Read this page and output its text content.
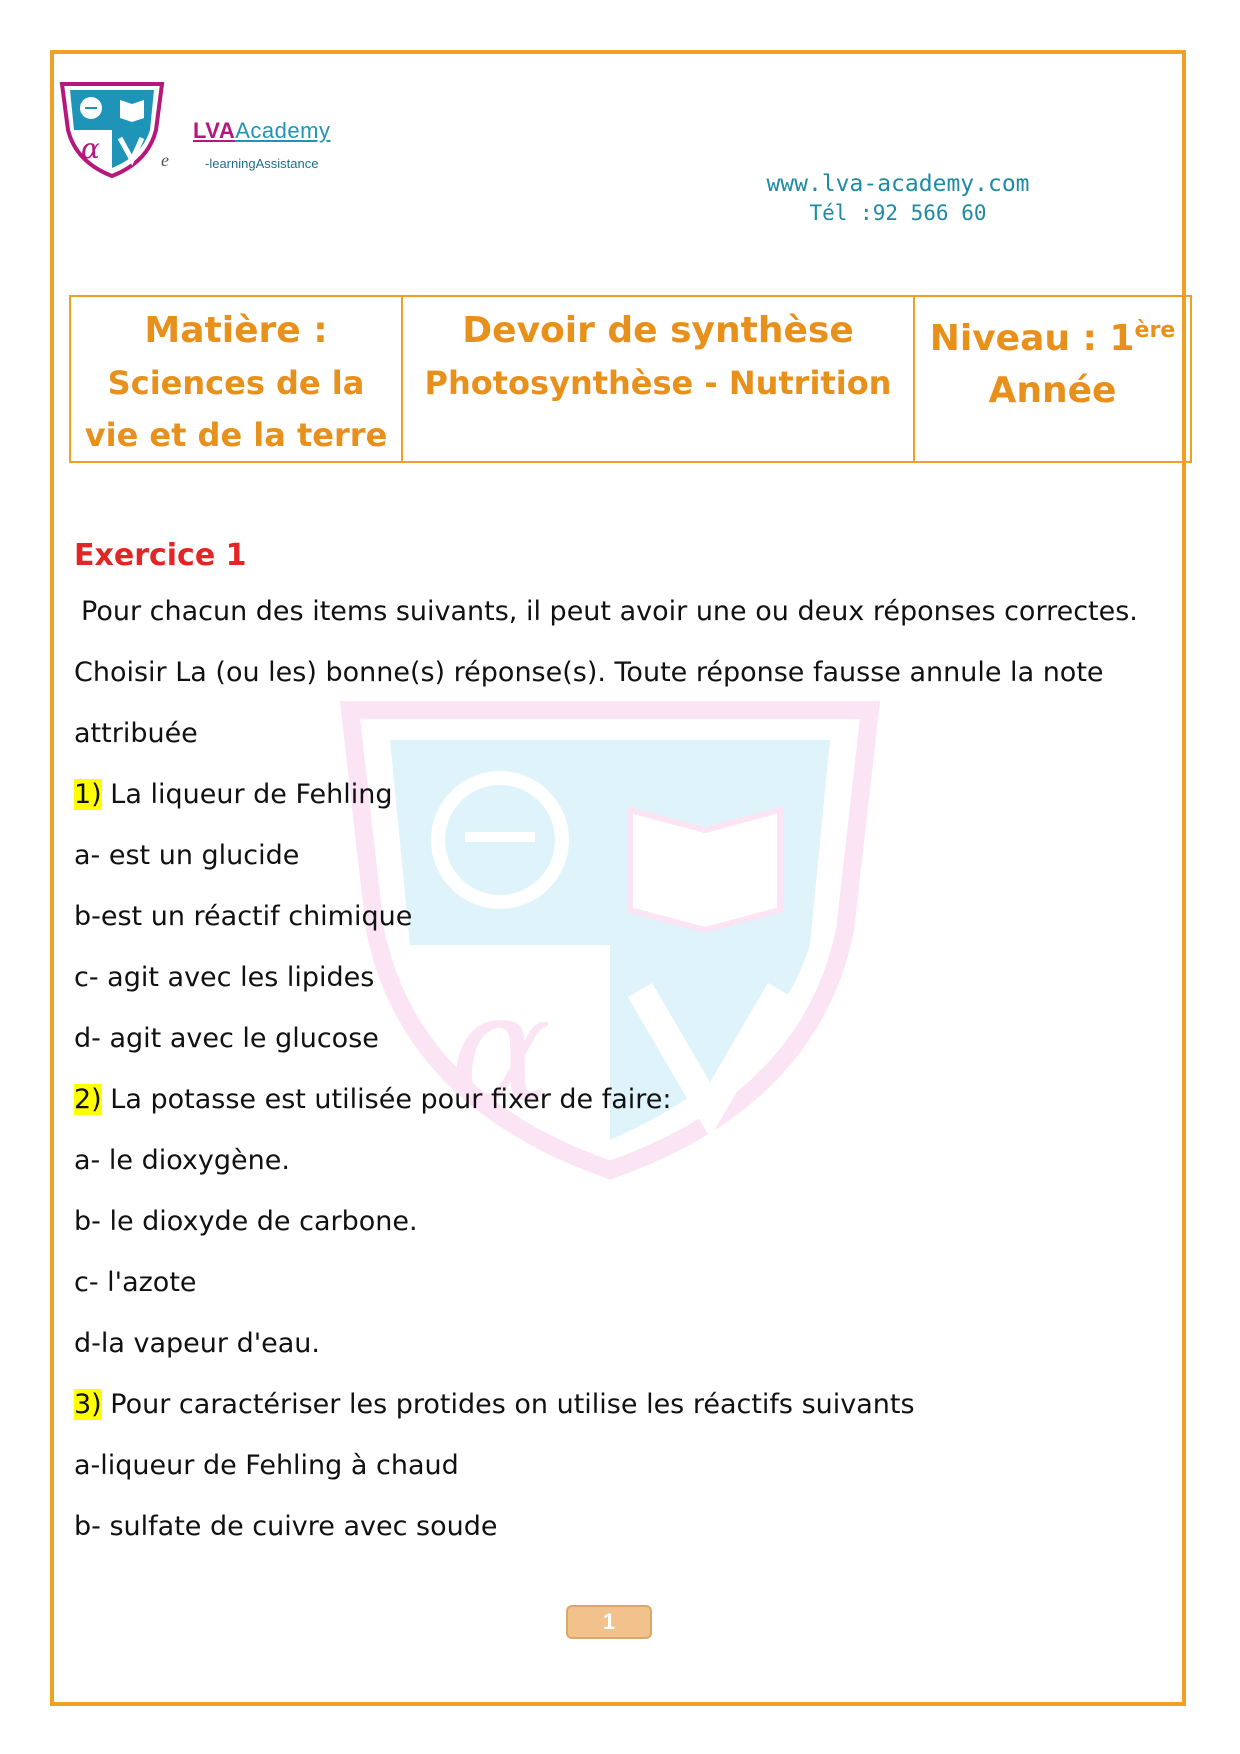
α
LVAAcademy
e	-learningAssistance
www.lva-academy.com
Tél :92 566 60
Matière :
Sciences de la
vie et de la terre

Devoir de synthèse
Photosynthèse - Nutrition

Niveau : 1ère
Année
α
Exercice 1
Pour chacun des items suivants, il peut avoir une ou deux réponses correctes.
Choisir La (ou les) bonne(s) réponse(s). Toute réponse fausse annule la note
attribuée
1) La liqueur de Fehling
a- est un glucide
b-est un réactif chimique
c- agit avec les lipides
d- agit avec le glucose
2) La potasse est utilisée pour fixer de faire:
a- le dioxygène.
b- le dioxyde de carbone.
c- l'azote
d-la vapeur d'eau.
3) Pour caractériser les protides on utilise les réactifs suivants
a-liqueur de Fehling à chaud
b- sulfate de cuivre avec soude
1
